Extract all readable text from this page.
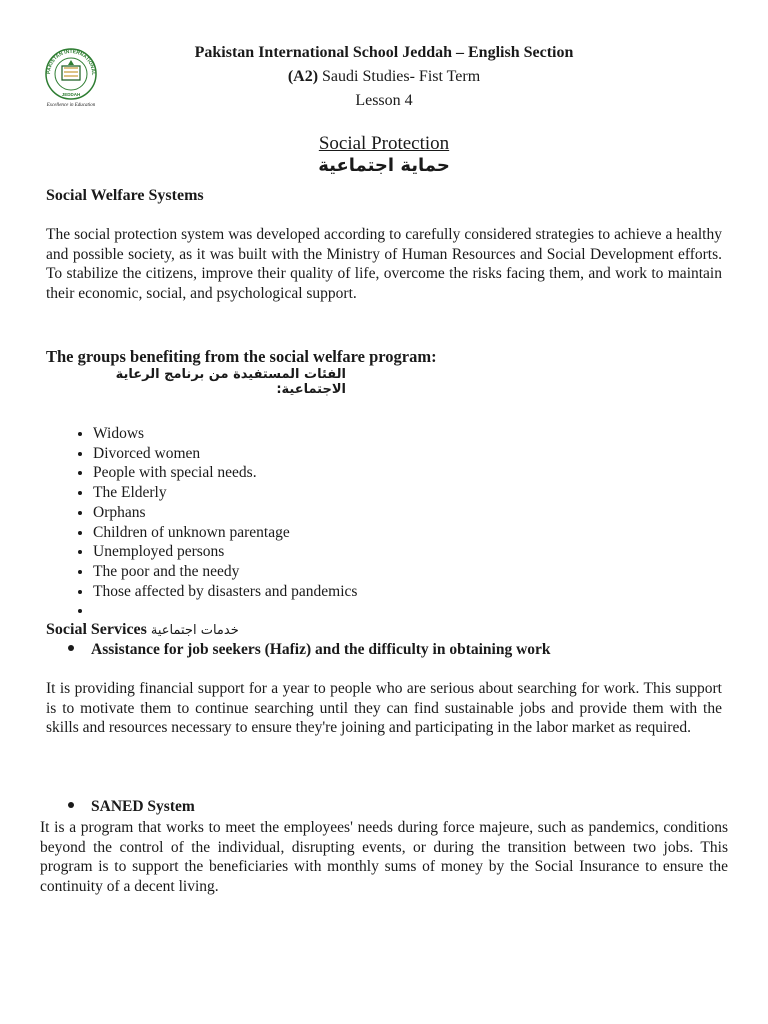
Excellence in Education
PAKISTAN INTERNATIONAL
JEDDAH
Pakistan International School Jeddah – English Section
(A2) Saudi Studies- Fist Term
Lesson 4
Social Protection
حماية اجتماعية
Social Welfare Systems

The social protection system was developed according to carefully considered strategies to achieve a healthy and possible society, as it was built with the Ministry of Human Resources and Social Development efforts. To stabilize the citizens, improve their quality of life, overcome the risks facing them, and work to maintain their economic, social, and psychological support.

The groups benefiting from the social welfare program:
الفئات المستفيدة من برنامج الرعاية الاجتماعية:
• Widows
• Divorced women
• People with special needs.
• The Elderly
• Orphans
• Children of unknown parentage
• Unemployed persons
• The poor and the needy
• Those affected by disasters and pandemics
•
Social Services خدمات اجتماعية
Assistance for job seekers (Hafiz) and the difficulty in obtaining work

It is providing financial support for a year to people who are serious about searching for work. This support is to motivate them to continue searching until they can find sustainable jobs and provide them with the skills and resources necessary to ensure they're joining and participating in the labor market as required.

SANED System

It is a program that works to meet the employees' needs during force majeure, such as pandemics, conditions beyond the control of the individual, disrupting events, or during the transition between two jobs. This program is to support the beneficiaries with monthly sums of money by the Social Insurance to ensure the continuity of a decent living.
